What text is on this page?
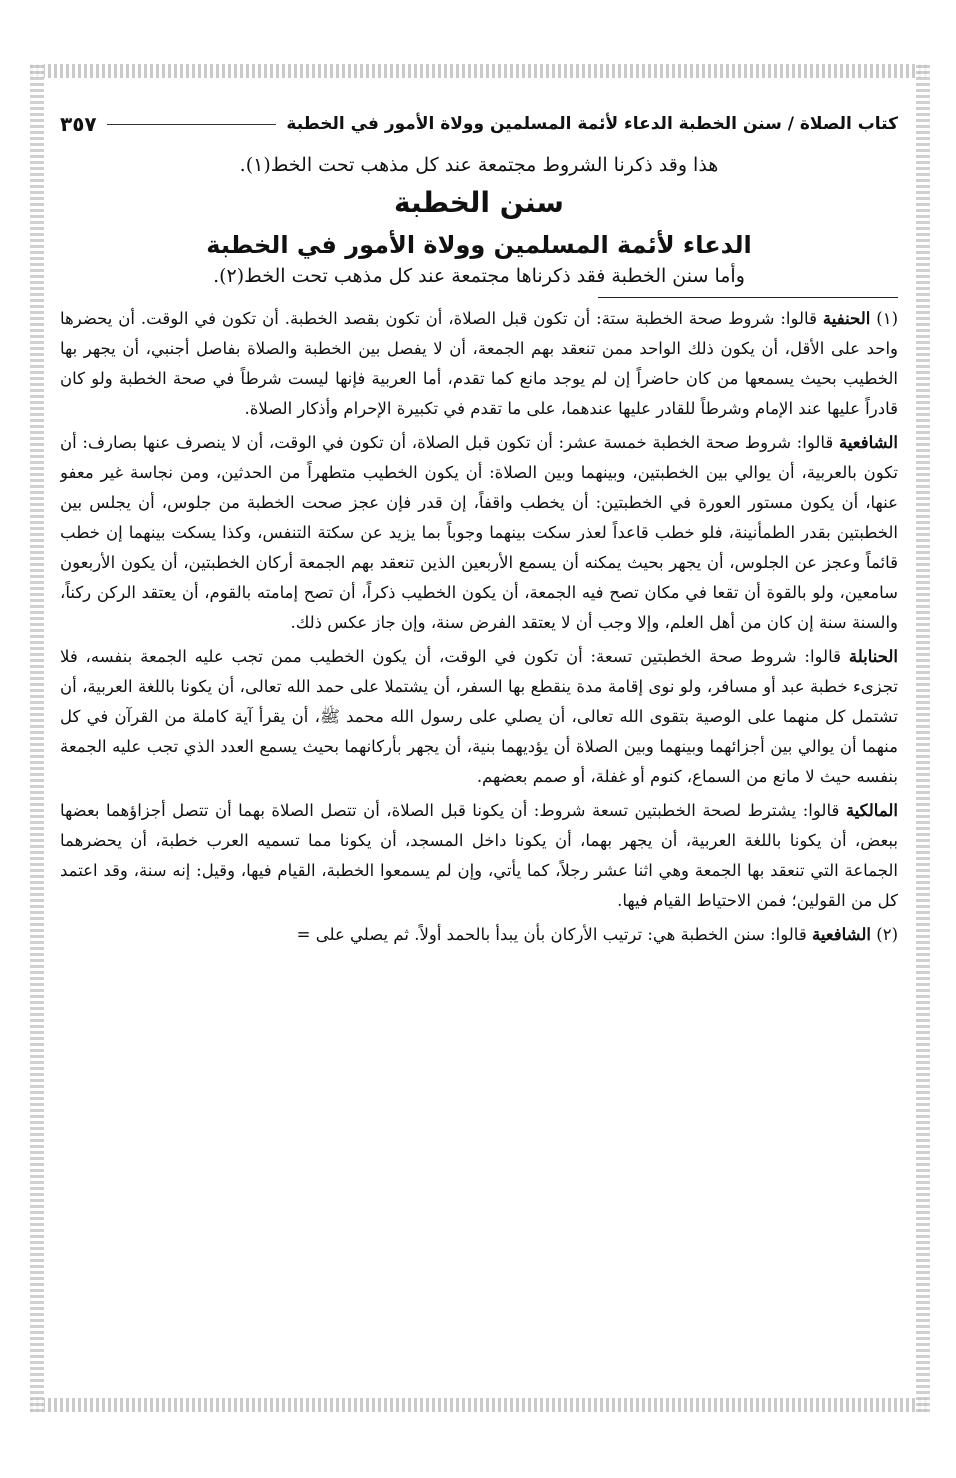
كتاب الصلاة / سنن الخطبة الدعاء لأئمة المسلمين وولاة الأمور في الخطبة
٣٥٧
هذا وقد ذكرنا الشروط مجتمعة عند كل مذهب تحت الخط(١).
سنن الخطبة
الدعاء لأئمة المسلمين وولاة الأمور في الخطبة
وأما سنن الخطبة فقد ذكرناها مجتمعة عند كل مذهب تحت الخط(٢).

(١) الحنفية قالوا: شروط صحة الخطبة ستة: أن تكون قبل الصلاة، أن تكون بقصد الخطبة. أن تكون في الوقت. أن يحضرها واحد على الأقل، أن يكون ذلك الواحد ممن تنعقد بهم الجمعة، أن لا يفصل بين الخطبة والصلاة بفاصل أجنبي، أن يجهر بها الخطيب بحيث يسمعها من كان حاضراً إن لم يوجد مانع كما تقدم، أما العربية فإنها ليست شرطاً في صحة الخطبة ولو كان قادراً عليها عند الإمام وشرطاً للقادر عليها عندهما، على ما تقدم في تكبيرة الإحرام وأذكار الصلاة.

الشافعية قالوا: شروط صحة الخطبة خمسة عشر: أن تكون قبل الصلاة، أن تكون في الوقت، أن لا ينصرف عنها بصارف: أن تكون بالعربية، أن يوالي بين الخطبتين، وبينهما وبين الصلاة: أن يكون الخطيب متطهراً من الحدثين، ومن نجاسة غير معفو عنها، أن يكون مستور العورة في الخطبتين: أن يخطب واقفاً، إن قدر فإن عجز صحت الخطبة من جلوس، أن يجلس بين الخطبتين بقدر الطمأنينة، فلو خطب قاعداً لعذر سكت بينهما وجوباً بما يزيد عن سكتة التنفس، وكذا يسكت بينهما إن خطب قائماً وعجز عن الجلوس، أن يجهر بحيث يمكنه أن يسمع الأربعين الذين تنعقد بهم الجمعة أركان الخطبتين، أن يكون الأربعون سامعين، ولو بالقوة أن تقعا في مكان تصح فيه الجمعة، أن يكون الخطيب ذكراً، أن تصح إمامته بالقوم، أن يعتقد الركن ركناً، والسنة سنة إن كان من أهل العلم، وإلا وجب أن لا يعتقد الفرض سنة، وإن جاز عكس ذلك.

الحنابلة قالوا: شروط صحة الخطبتين تسعة: أن تكون في الوقت، أن يكون الخطيب ممن تجب عليه الجمعة بنفسه، فلا تجزىء خطبة عبد أو مسافر، ولو نوى إقامة مدة ينقطع بها السفر، أن يشتملا على حمد الله تعالى، أن يكونا باللغة العربية، أن تشتمل كل منهما على الوصية بتقوى الله تعالى، أن يصلي على رسول الله محمد ﷺ، أن يقرأ آية كاملة من القرآن في كل منهما أن يوالي بين أجزائهما وبينهما وبين الصلاة أن يؤديهما بنية، أن يجهر بأركانهما بحيث يسمع العدد الذي تجب عليه الجمعة بنفسه حيث لا مانع من السماع، كنوم أو غفلة، أو صمم بعضهم.

المالكية قالوا: يشترط لصحة الخطبتين تسعة شروط: أن يكونا قبل الصلاة، أن تتصل الصلاة بهما أن تتصل أجزاؤهما بعضها ببعض، أن يكونا باللغة العربية، أن يجهر بهما، أن يكونا داخل المسجد، أن يكونا مما تسميه العرب خطبة، أن يحضرهما الجماعة التي تنعقد بها الجمعة وهي اثنا عشر رجلاً، كما يأتي، وإن لم يسمعوا الخطبة، القيام فيها، وقيل: إنه سنة، وقد اعتمد كل من القولين؛ فمن الاحتياط القيام فيها.

(٢) الشافعية قالوا: سنن الخطبة هي: ترتيب الأركان بأن يبدأ بالحمد أولاً. ثم يصلي على =
